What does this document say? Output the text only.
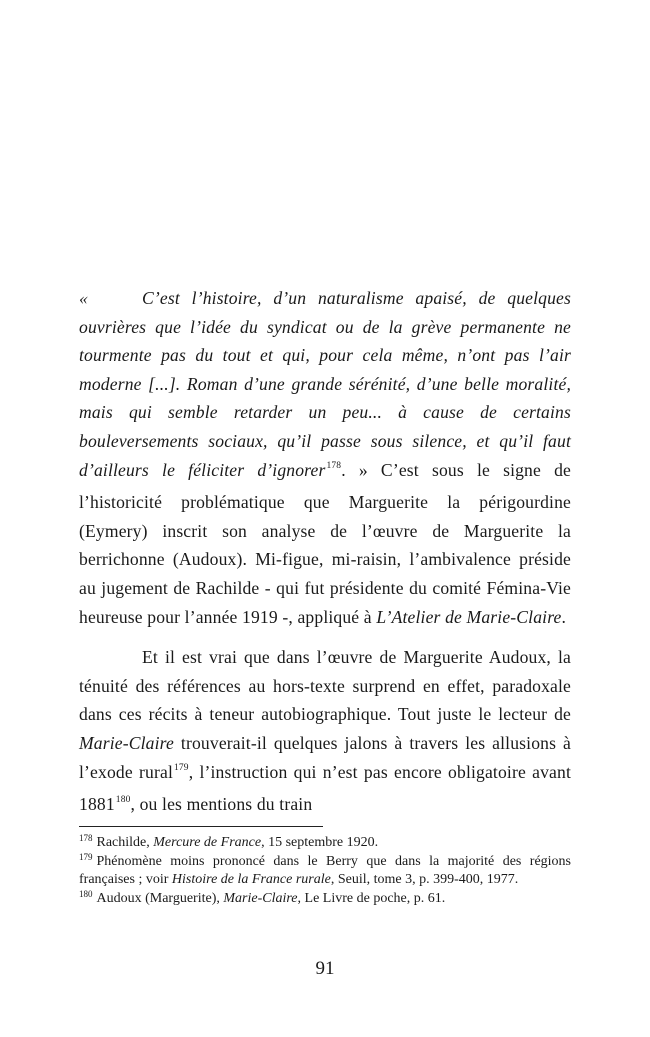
«	C’est l’histoire, d’un naturalisme apaisé, de quelques ouvrières que l’idée du syndicat ou de la grève permanente ne tourmente pas du tout et qui, pour cela même, n’ont pas l’air moderne [...]. Roman d’une grande sérénité, d’une belle moralité, mais qui semble retarder un peu... à cause de certains bouleversements sociaux, qu’il passe sous silence, et qu’il faut d’ailleurs le féliciter d’ignorer$^{178}$. » C’est sous le signe de l’historicité problématique que Marguerite la périgourdine (Eymery) inscrit son analyse de l’œuvre de Marguerite la berrichonne (Audoux). Mi-figue, mi-raisin, l’ambivalence préside au jugement de Rachilde - qui fut présidente du comité Fémina-Vie heureuse pour l’année 1919 -, appliqué à L’Atelier de Marie-Claire.

Et il est vrai que dans l’œuvre de Marguerite Audoux, la ténuité des références au hors-texte surprend en effet, paradoxale dans ces récits à teneur autobiographique. Tout juste le lecteur de Marie-Claire trouverait-il quelques jalons à travers les allusions à l’exode rural$^{179}$, l’instruction qui n’est pas encore obligatoire avant 1881$^{180}$, ou les mentions du train

$^{178}$ Rachilde, Mercure de France, 15 septembre 1920.

$^{179}$ Phénomène moins prononcé dans le Berry que dans la majorité des régions françaises ; voir Histoire de la France rurale, Seuil, tome 3, p. 399-400, 1977.

$^{180}$ Audoux (Marguerite), Marie-Claire, Le Livre de poche, p. 61.

91
